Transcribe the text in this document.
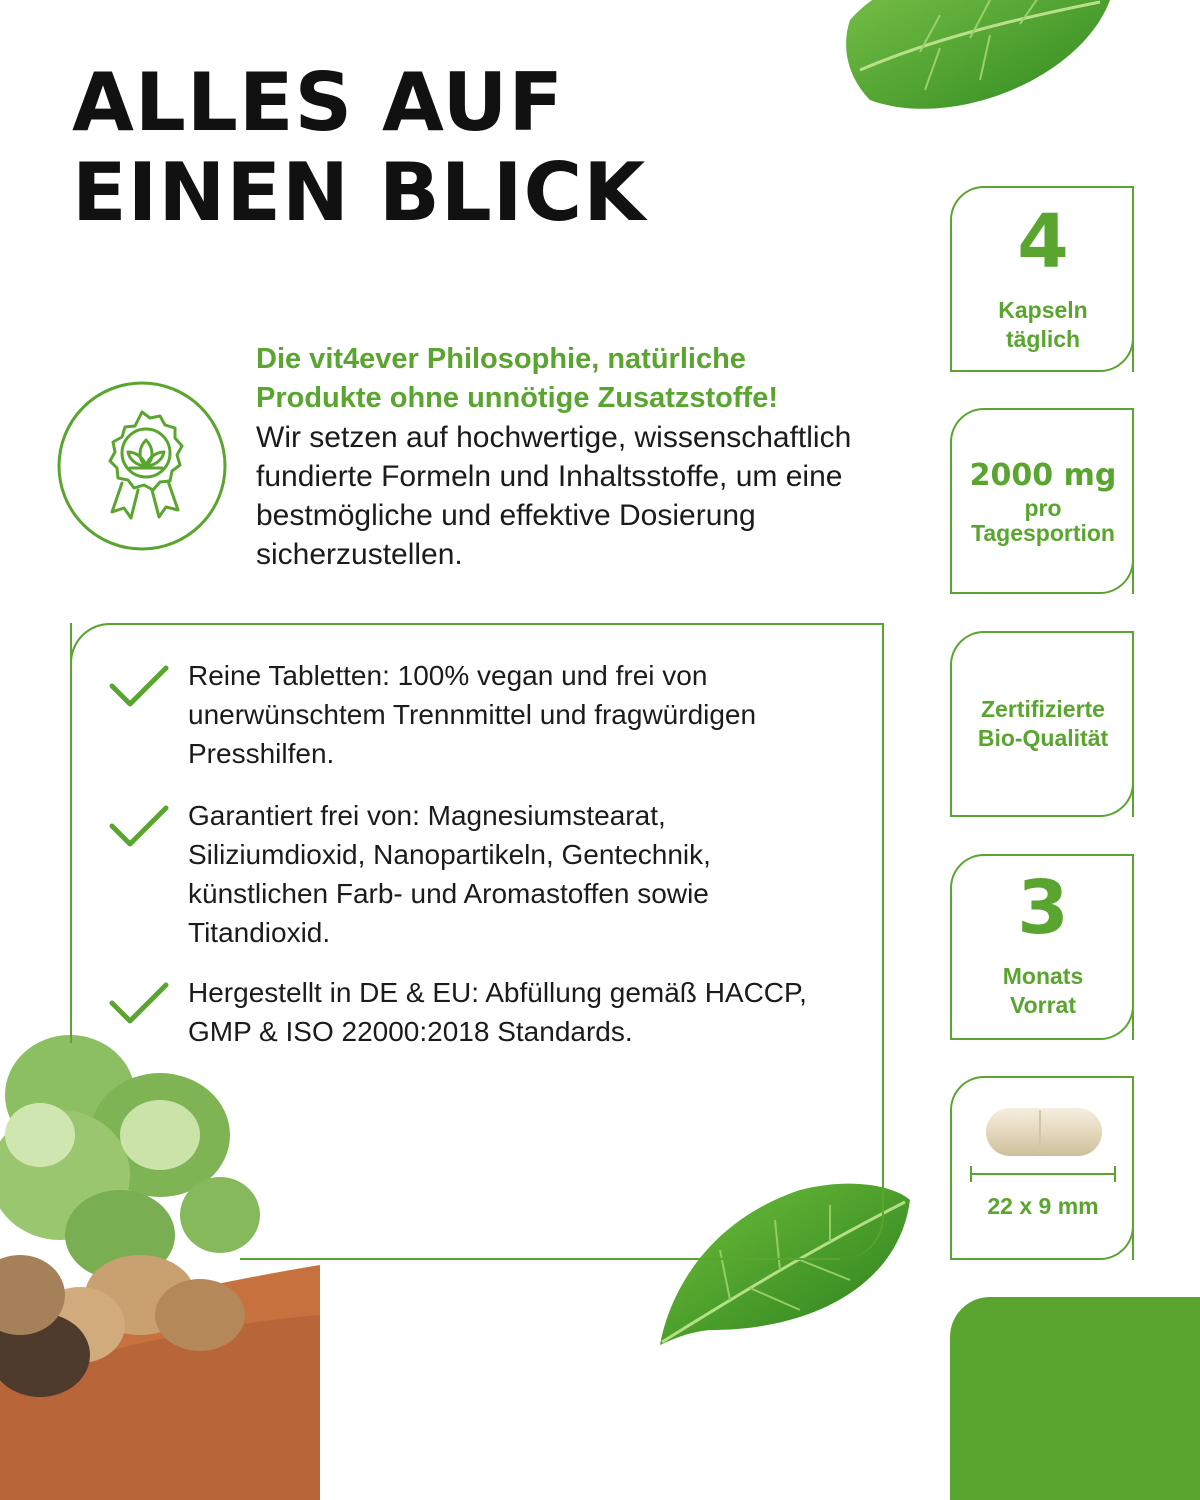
ALLES AUF
EINEN BLICK
Die vit4ever Philosophie, natürliche Produkte ohne unnötige Zusatzstoffe!
Wir setzen auf hochwertige, wissenschaftlich fundierte Formeln und Inhaltsstoffe, um eine bestmögliche und effektive Dosierung sicherzustellen.
Reine Tabletten: 100% vegan und frei von unerwünschtem Trennmittel und fragwürdigen Presshilfen.
Garantiert frei von: Magnesiumstearat, Siliziumdioxid, Nanopartikeln, Gentechnik, künstlichen Farb- und Aromastoffen sowie Titandioxid.
Hergestellt in DE & EU: Abfüllung gemäß HACCP, GMP & ISO 22000:2018 Standards.
4
Kapseln
täglich
2000 mg
pro
Tagesportion
Zertifizierte
Bio-Qualität
3
Monats
Vorrat
22 x 9 mm
